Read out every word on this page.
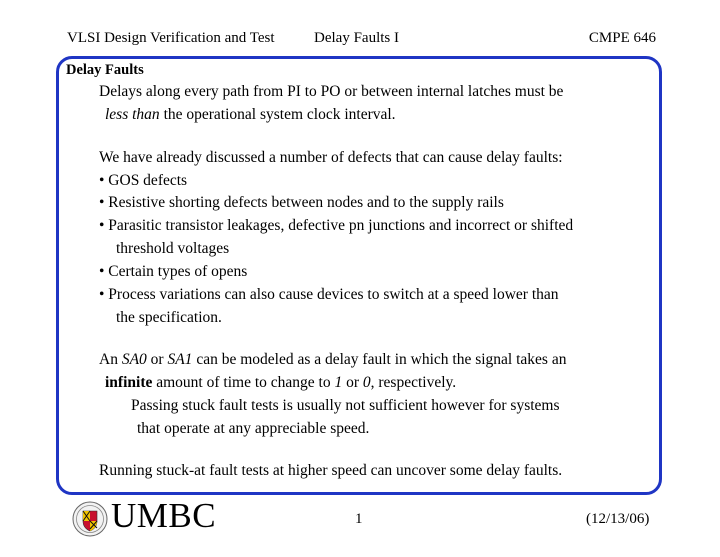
VLSI Design Verification and Test	Delay Faults I	CMPE 646
Delay Faults
Delays along every path from PI to PO or between internal latches must be
less than the operational system clock interval.
We have already discussed a number of defects that can cause delay faults:
• GOS defects
• Resistive shorting defects between nodes and to the supply rails
• Parasitic transistor leakages, defective pn junctions and incorrect or shifted
threshold voltages
• Certain types of opens
• Process variations can also cause devices to switch at a speed lower than
the specification.
An SA0 or SA1 can be modeled as a delay fault in which the signal takes an
infinite amount of time to change to 1 or 0, respectively.
Passing stuck fault tests is usually not sufficient however for systems
that operate at any appreciable speed.
Running stuck-at fault tests at higher speed can uncover some delay faults.
UMBC	1	(12/13/06)
